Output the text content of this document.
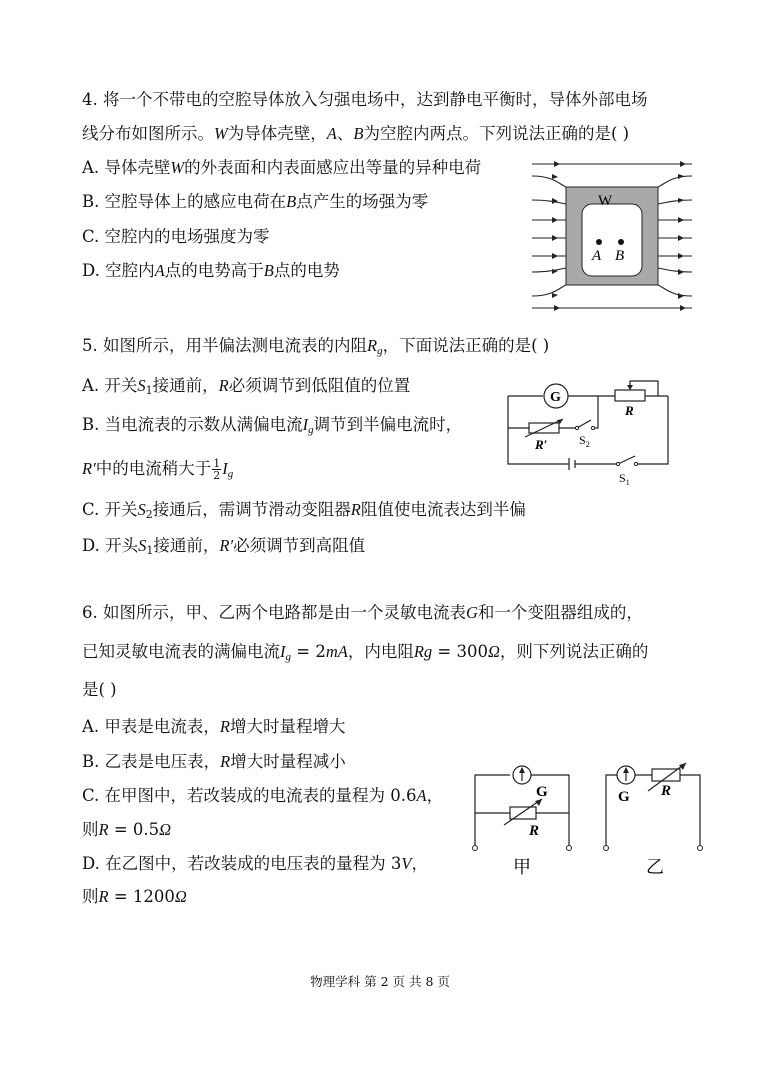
4. 将一个不带电的空腔导体放入匀强电场中，达到静电平衡时，导体外部电场
线分布如图所示。W为导体壳壁，A、B为空腔内两点。下列说法正确的是( )
A. 导体壳壁W的外表面和内表面感应出等量的异种电荷
B. 空腔导体上的感应电荷在B点产生的场强为零
C. 空腔内的电场强度为零
D. 空腔内A点的电势高于B点的电势
W
A B
5. 如图所示，用半偏法测电流表的内阻$R_g$，下面说法正确的是( )
A. 开关$S_1$接通前，R必须调节到低阻值的位置
B. 当电流表的示数从满偏电流$I_g$调节到半偏电流时，
R′中的电流稍大于 $\frac{1}{2} I_g$
C. 开关$S_2$接通后，需调节滑动变阻器R阻值使电流表达到半偏
D. 开头$S_1$接通前，R′必须调节到高阻值
G
R
R′	$S_2$
$S_1$
6. 如图所示，甲、乙两个电路都是由一个灵敏电流表G和一个变阻器组成的，
已知灵敏电流表的满偏电流$I_g = 2mA$，内电阻Rg = 300Ω，则下列说法正确的
是( )
A. 甲表是电流表，R增大时量程增大
B. 乙表是电压表，R增大时量程减小
C. 在甲图中，若改装成的电流表的量程为 0.6A，
则R = 0.5Ω
D. 在乙图中，若改装成的电压表的量程为 3V，
则R = 1200Ω
G
R
甲
G R
乙
物理学科 第 2 页 共 8 页
